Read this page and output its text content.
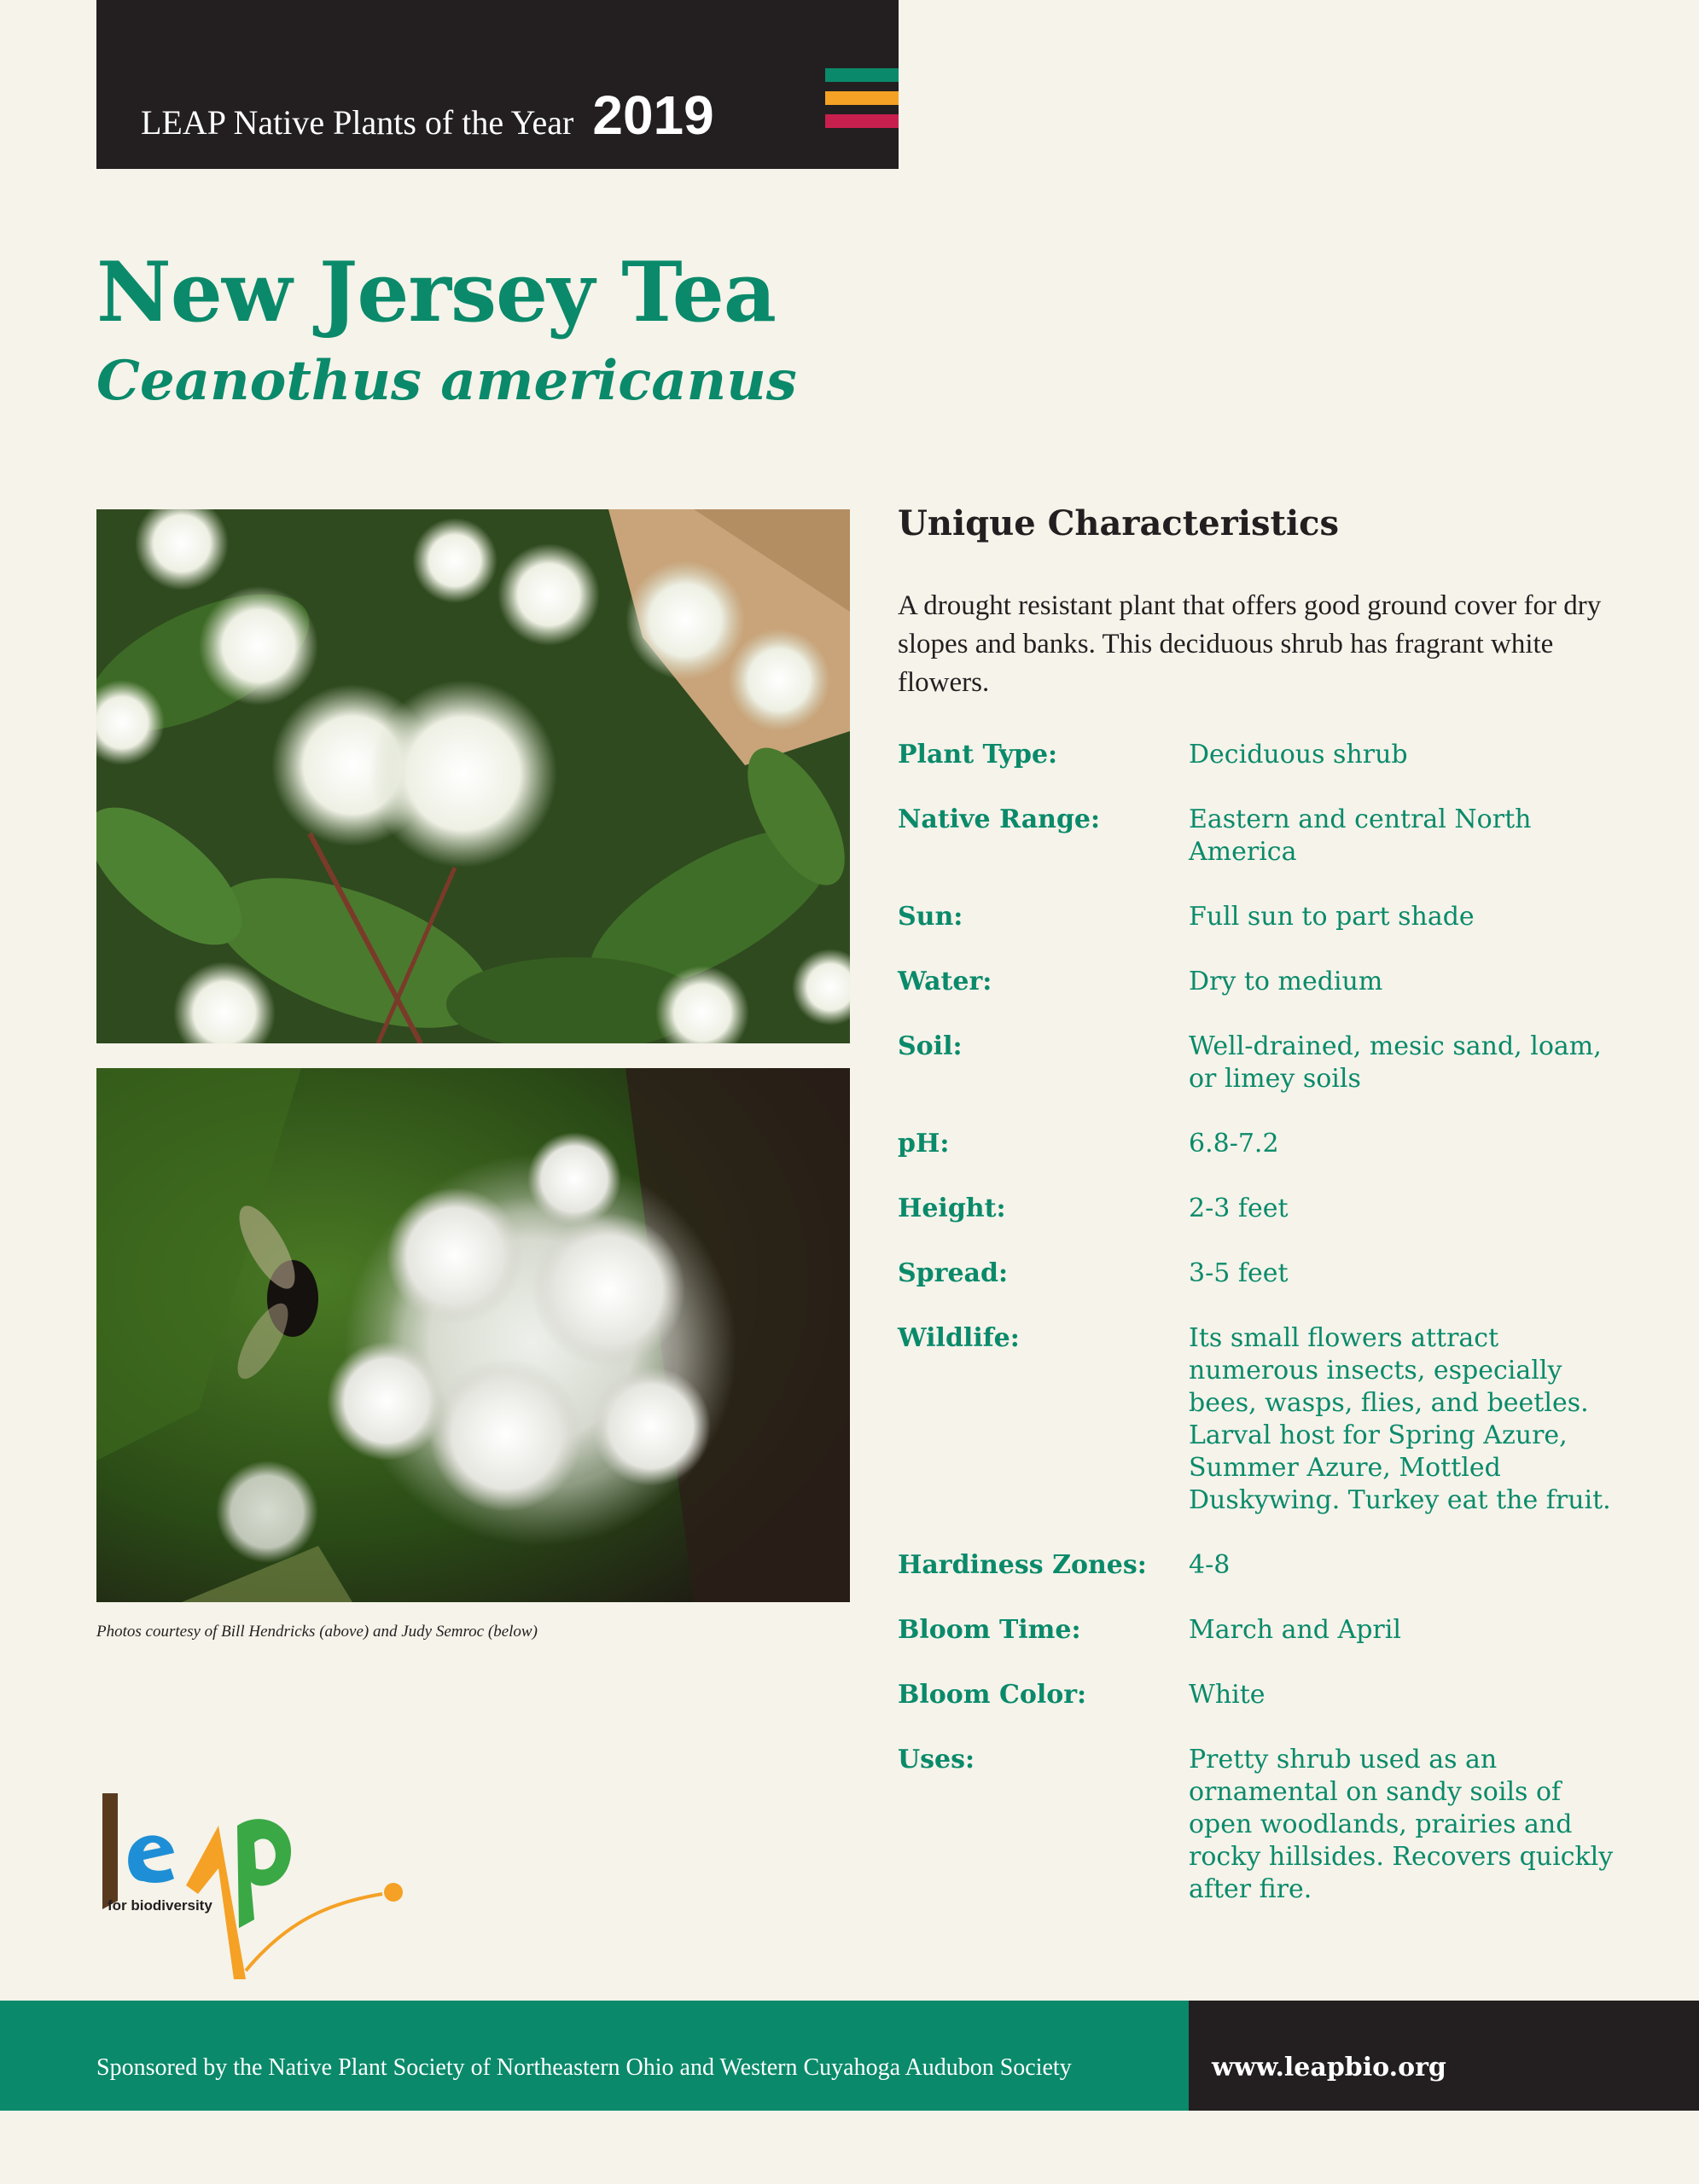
LEAP Native Plants of the Year 2019
New Jersey Tea
Ceanothus americanus
Photos courtesy of Bill Hendricks (above) and Judy Semroc (below)
Unique Characteristics

A drought resistant plant that offers good ground cover for dry slopes and banks. This deciduous shrub has fragrant white flowers.

Plant Type:	Deciduous shrub
Native Range:	Eastern and central North America
Sun:	Full sun to part shade
Water:	Dry to medium
Soil:	Well-drained, mesic sand, loam, or limey soils
pH:	6.8-7.2
Height:	2-3 feet
Spread:	3-5 feet
Wildlife:	Its small flowers attract numerous insects, especially bees, wasps, flies, and beetles. Larval host for Spring Azure, Summer Azure, Mottled Duskywing. Turkey eat the fruit.
Hardiness Zones:	4-8
Bloom Time:	March and April
Bloom Color:	White
Uses:	Pretty shrub used as an ornamental on sandy soils of open woodlands, prairies and rocky hillsides. Recovers quickly after fire.
for biodiversity
Sponsored by the Native Plant Society of Northeastern Ohio and Western Cuyahoga Audubon Society	www.leapbio.org
